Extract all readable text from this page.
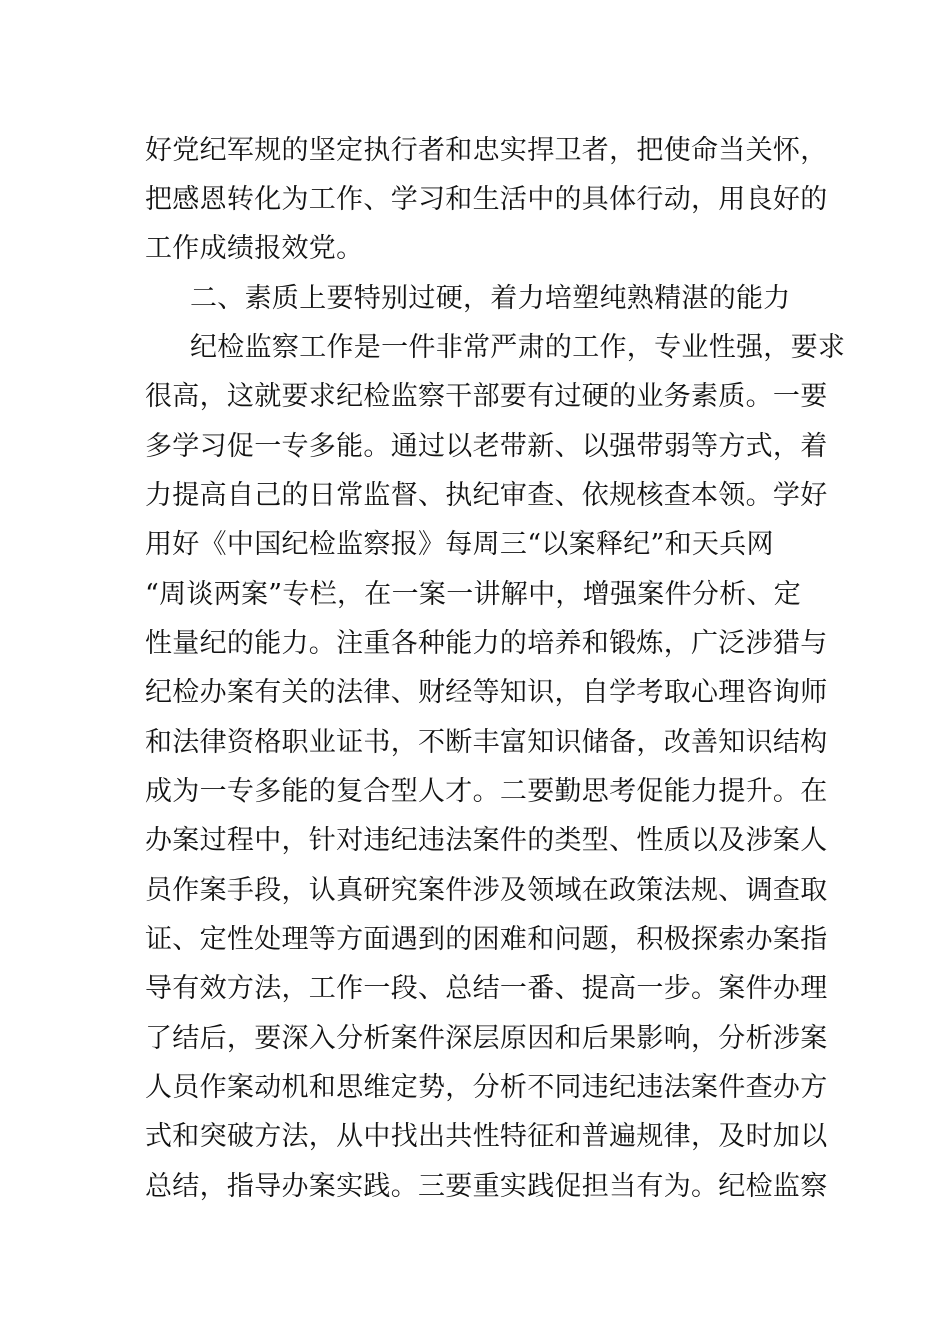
好党纪军规的坚定执行者和忠实捍卫者，把使命当关怀，
把感恩转化为工作、学习和生活中的具体行动，用良好的
工作成绩报效党。
二、素质上要特别过硬，着力培塑纯熟精湛的能力
纪检监察工作是一件非常严肃的工作，专业性强，要求
很高，这就要求纪检监察干部要有过硬的业务素质。一要
多学习促一专多能。通过以老带新、以强带弱等方式，着
力提高自己的日常监督、执纪审查、依规核查本领。学好
用好《中国纪检监察报》每周三“以案释纪”和天兵网
“周谈两案”专栏，在一案一讲解中，增强案件分析、定
性量纪的能力。注重各种能力的培养和锻炼，广泛涉猎与
纪检办案有关的法律、财经等知识，自学考取心理咨询师
和法律资格职业证书，不断丰富知识储备，改善知识结构
成为一专多能的复合型人才。二要勤思考促能力提升。在
办案过程中，针对违纪违法案件的类型、性质以及涉案人
员作案手段，认真研究案件涉及领域在政策法规、调查取
证、定性处理等方面遇到的困难和问题，积极探索办案指
导有效方法，工作一段、总结一番、提高一步。案件办理
了结后，要深入分析案件深层原因和后果影响，分析涉案
人员作案动机和思维定势，分析不同违纪违法案件查办方
式和突破方法，从中找出共性特征和普遍规律，及时加以
总结，指导办案实践。三要重实践促担当有为。纪检监察
